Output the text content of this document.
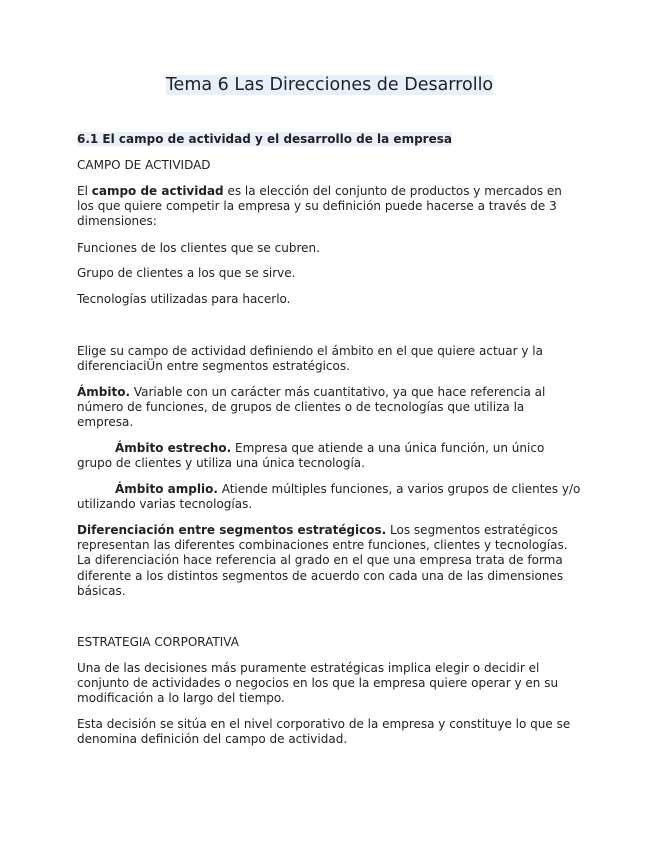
Tema 6 Las Direcciones de Desarrollo
6.1 El campo de actividad y el desarrollo de la empresa

CAMPO DE ACTIVIDAD

El campo de actividad es la elección del conjunto de productos y mercados en los que quiere competir la empresa y su definición puede hacerse a través de 3 dimensiones:

Funciones de los clientes que se cubren.

Grupo de clientes a los que se sirve.

Tecnologías utilizadas para hacerlo.

Elige su campo de actividad definiendo el ámbito en el que quiere actuar y la diferenciaciÜn entre segmentos estratégicos.

Ámbito. Variable con un carácter más cuantitativo, ya que hace referencia al número de funciones, de grupos de clientes o de tecnologías que utiliza la empresa.

Ámbito estrecho. Empresa que atiende a una única función, un único grupo de clientes y utiliza una única tecnología.

Ámbito amplio. Atiende múltiples funciones, a varios grupos de clientes y/o utilizando varias tecnologías.

Diferenciación entre segmentos estratégicos. Los segmentos estratégicos representan las diferentes combinaciones entre funciones, clientes y tecnologías. La diferenciación hace referencia al grado en el que una empresa trata de forma diferente a los distintos segmentos de acuerdo con cada una de las dimensiones básicas.

ESTRATEGIA CORPORATIVA

Una de las decisiones más puramente estratégicas implica elegir o decidir el conjunto de actividades o negocios en los que la empresa quiere operar y en su modificación a lo largo del tiempo.

Esta decisión se sitúa en el nivel corporativo de la empresa y constituye lo que se denomina definición del campo de actividad.
